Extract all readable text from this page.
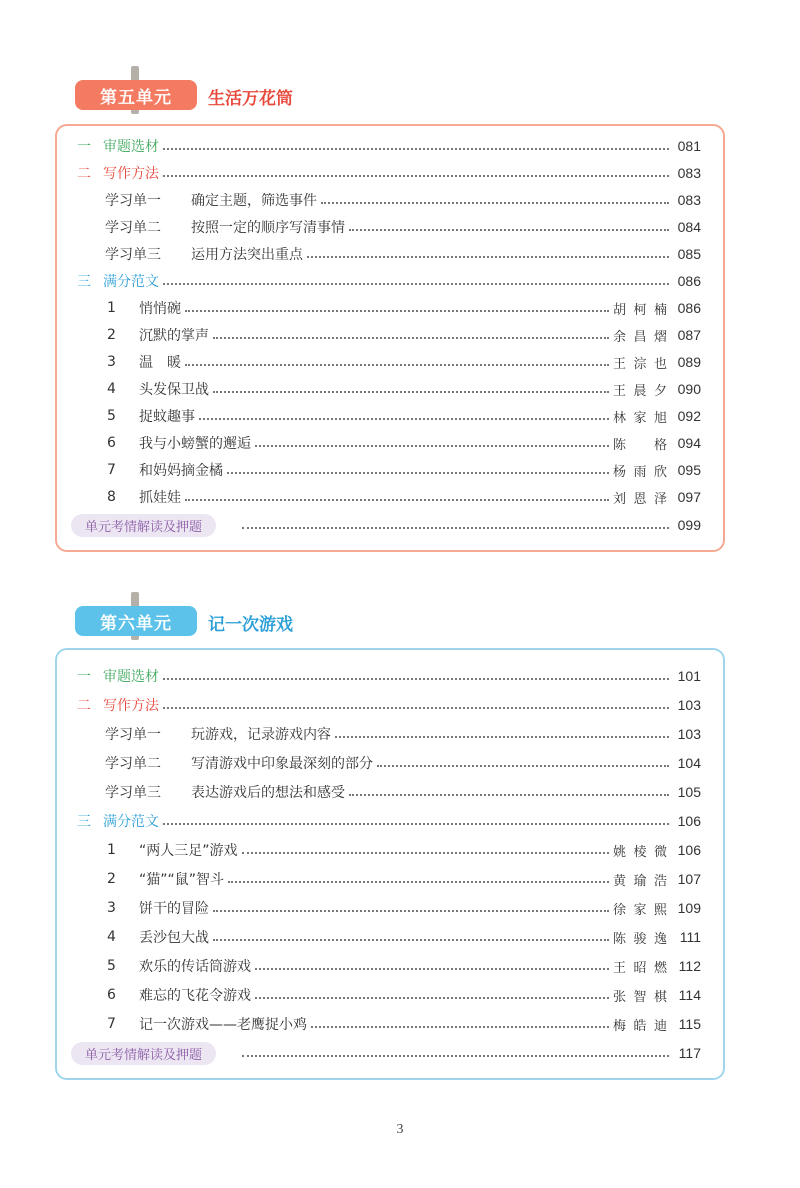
第五单元	生活万花筒
一 审题选材	081
二 写作方法	083
学习单一 确定主题，筛选事件	083
学习单二 按照一定的顺序写清事情	084
学习单三 运用方法突出重点	085
三 满分范文	086
1	悄悄碗	胡柯楠 086
2	沉默的掌声	余昌熠 087
3	温　暖	王淙也 089
4	头发保卫战	王晨夕 090
5	捉蚊趣事	林家旭 092
6	我与小螃蟹的邂逅	陈格 094
7	和妈妈摘金橘	杨雨欣 095
8	抓娃娃	刘恩泽 097
单元考情解读及押题	099
第六单元	记一次游戏
一 审题选材	101
二 写作方法	103
学习单一 玩游戏，记录游戏内容	103
学习单二 写清游戏中印象最深刻的部分	104
学习单三 表达游戏后的想法和感受	105
三 满分范文	106
1	“两人三足”游戏	姚棱微 106
2	“猫”“鼠”智斗	黄瑜浩 107
3	饼干的冒险	徐家熙 109
4	丢沙包大战	陈骏逸 111
5	欢乐的传话筒游戏	王昭燃 112
6	难忘的飞花令游戏	张智棋 114
7	记一次游戏——老鹰捉小鸡	梅皓迪 115
单元考情解读及押题	117
3
